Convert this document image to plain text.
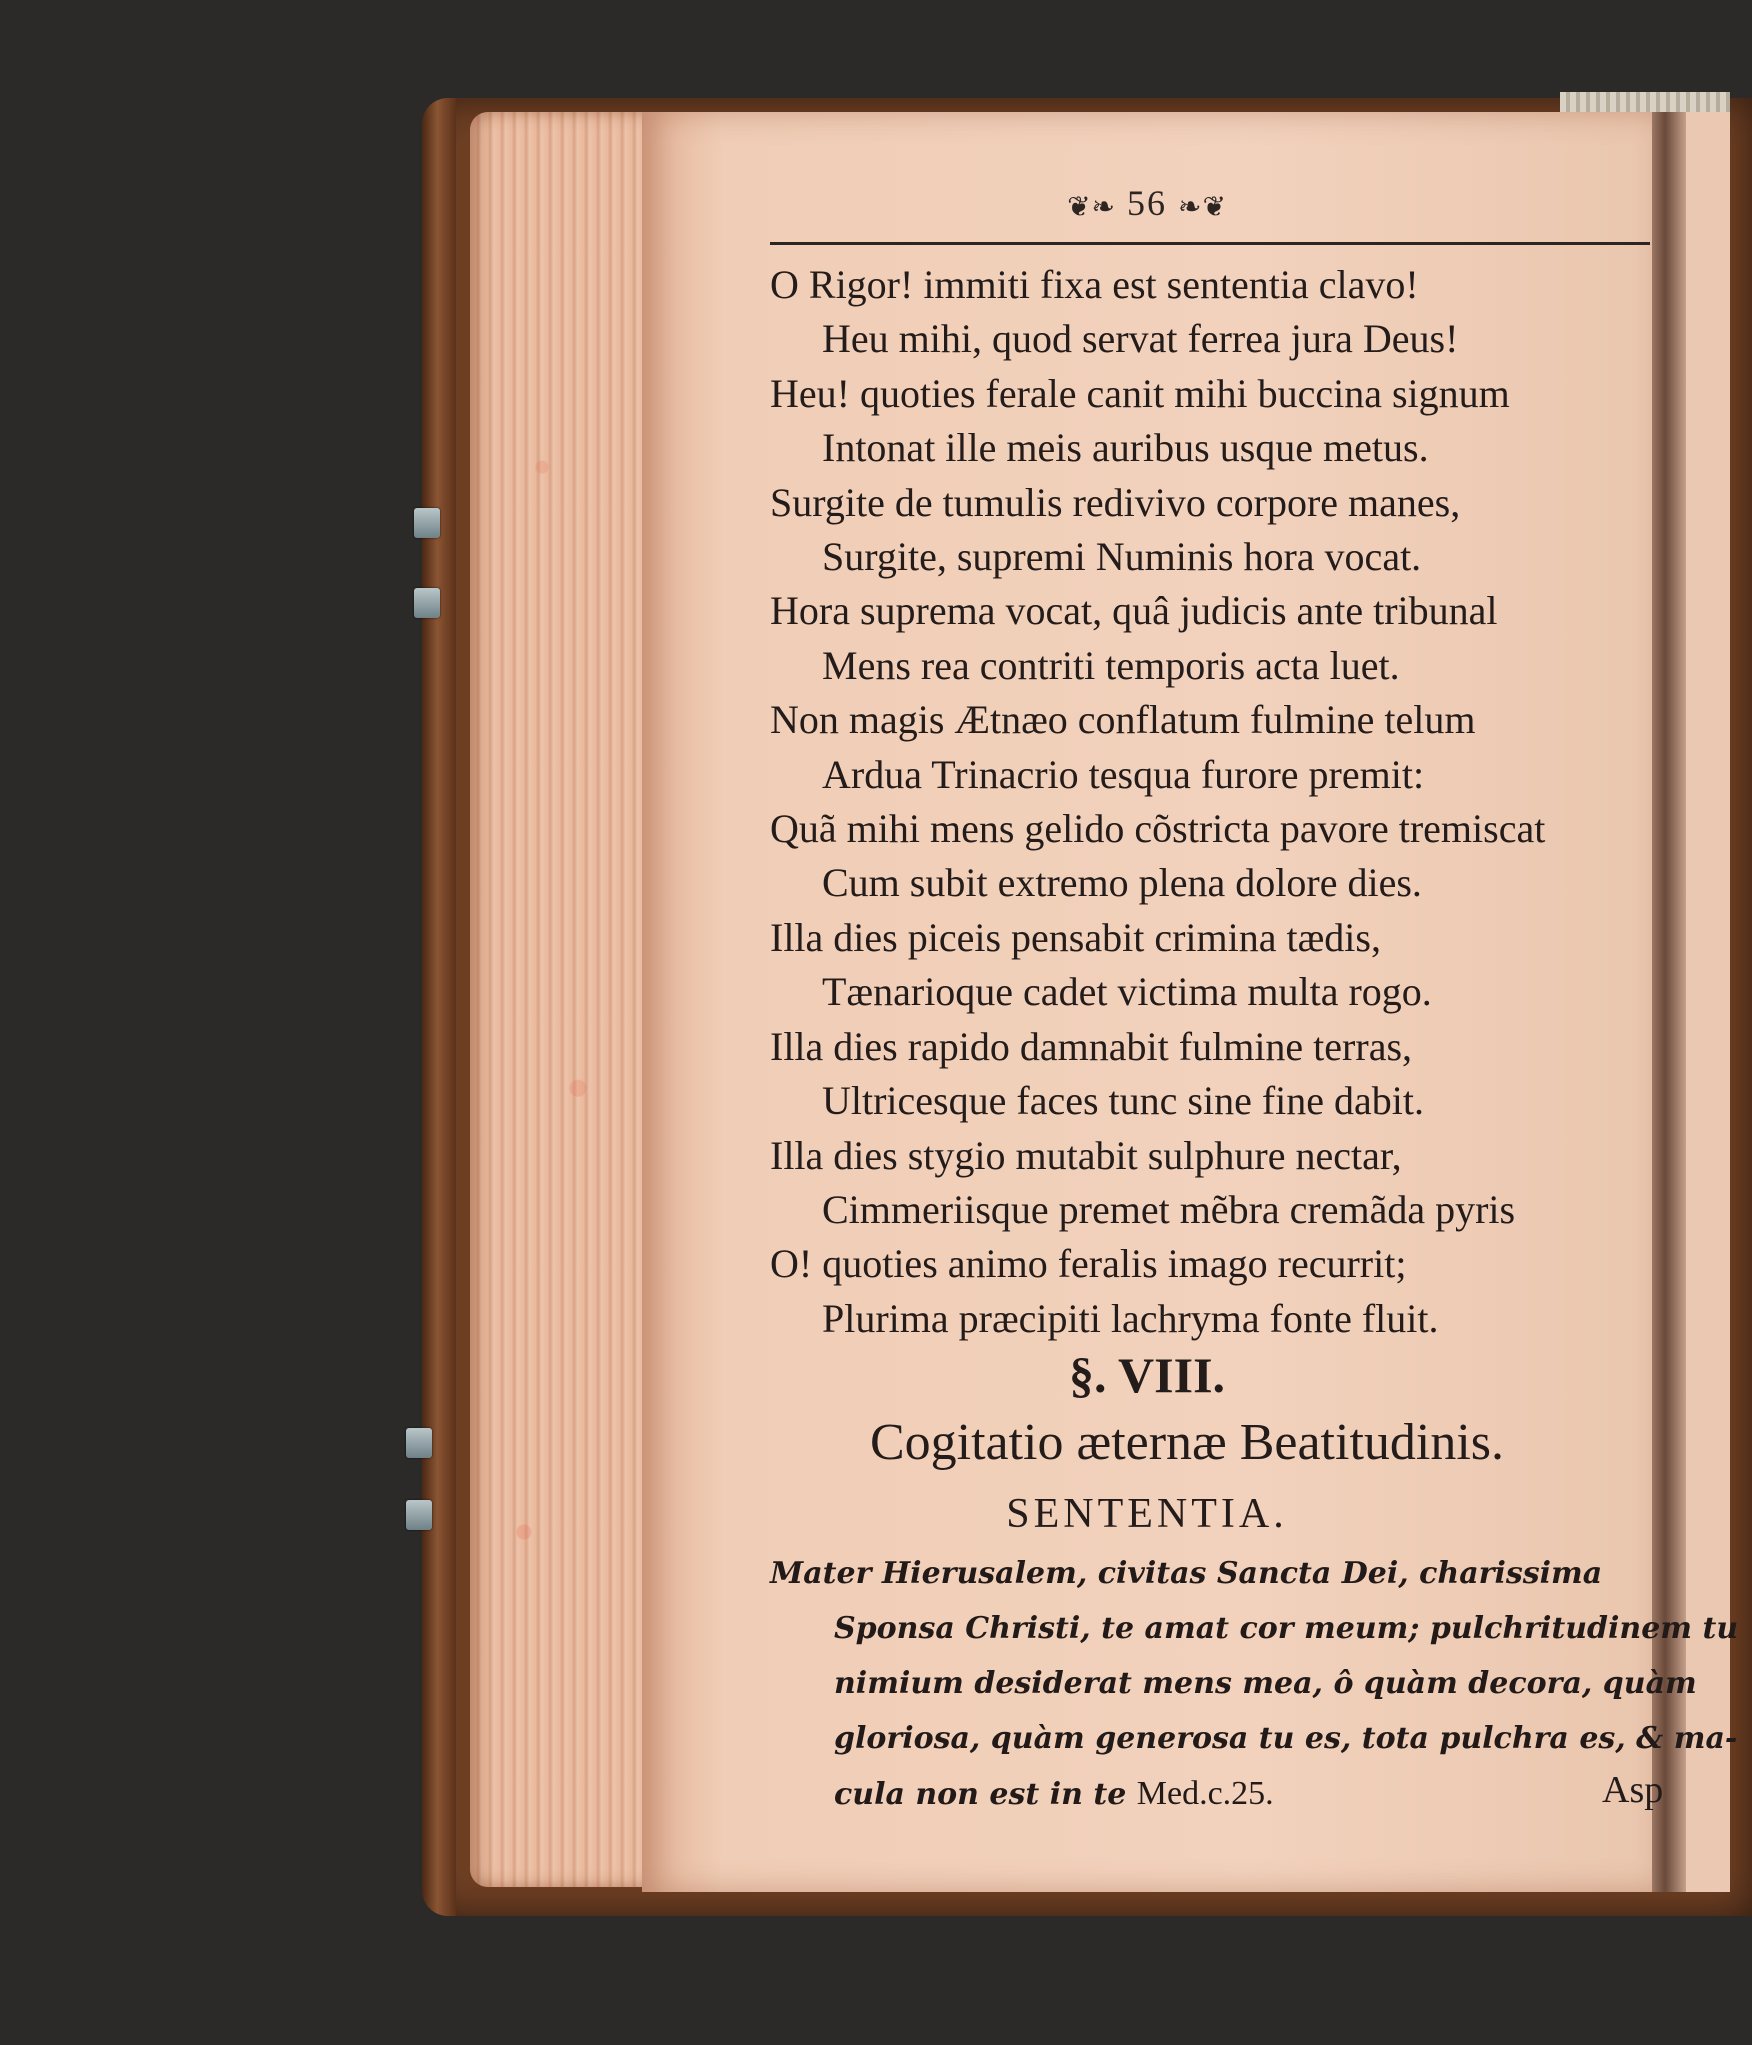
❦❧ 56 ❧❦
O Rigor! immiti fixa est sententia clavo!
Heu mihi, quod servat ferrea jura Deus!
Heu! quoties ferale canit mihi buccina signum
Intonat ille meis auribus usque metus.
Surgite de tumulis redivivo corpore manes,
Surgite, supremi Numinis hora vocat.
Hora suprema vocat, quâ judicis ante tribunal
Mens rea contriti temporis acta luet.
Non magis Ætnæo conflatum fulmine telum
Ardua Trinacrio tesqua furore premit:
Quã mihi mens gelido cõstricta pavore tremiscat
Cum subit extremo plena dolore dies.
Illa dies piceis pensabit crimina tædis,
Tænarioque cadet victima multa rogo.
Illa dies rapido damnabit fulmine terras,
Ultricesque faces tunc sine fine dabit.
Illa dies stygio mutabit sulphure nectar,
Cimmeriisque premet mẽbra cremãda pyris
O! quoties animo feralis imago recurrit;
Plurima præcipiti lachryma fonte fluit.
§. VIII.
Cogitatio æternæ Beatitudinis.
SENTENTIA.
Mater Hierusalem, civitas Sancta Dei, charissima
Sponsa Christi, te amat cor meum; pulchritudinem tu
nimium desiderat mens mea, ô quàm decora, quàm
gloriosa, quàm generosa tu es, tota pulchra es, & ma-
cula non est in te Med.c.25.	Asp
